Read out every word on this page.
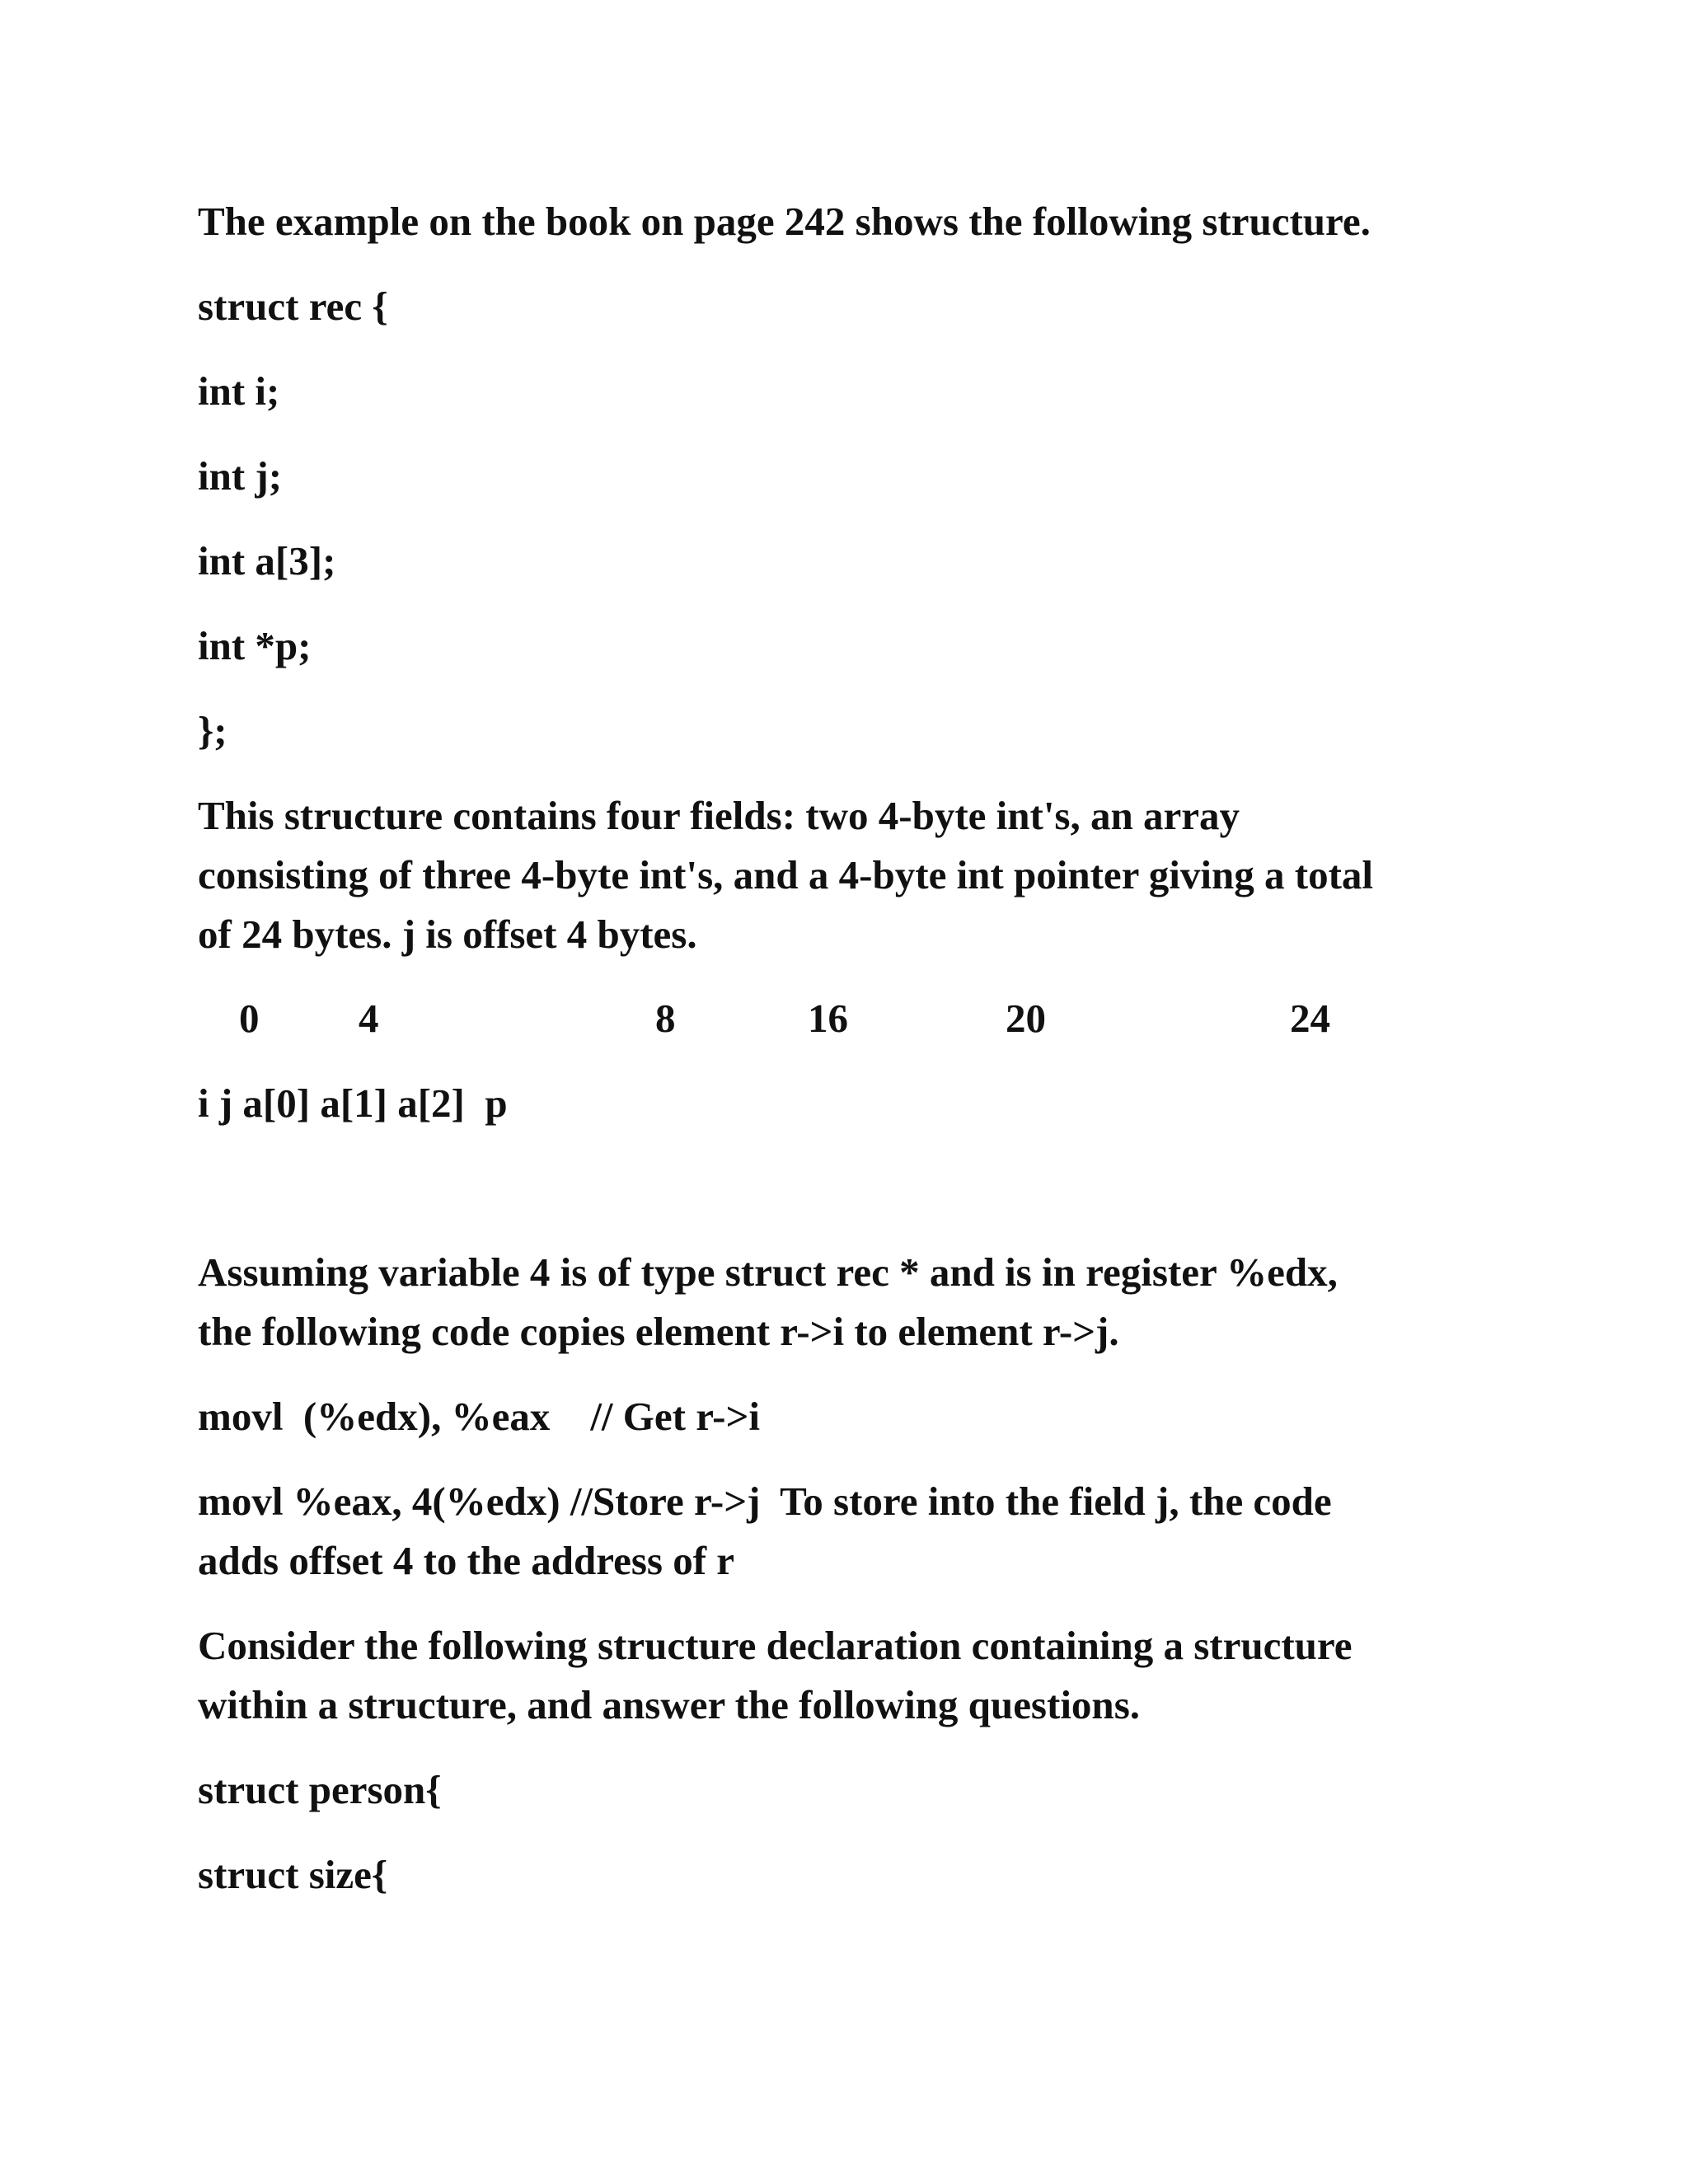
The example on the book on page 242 shows the following structure.

struct rec {

int i;

int j;

int a[3];

int *p;

};

This structure contains four fields: two 4-byte int's, an array

consisting of three 4-byte int's, and a 4-byte int pointer giving a total

of 24 bytes. j is offset 4 bytes.

0 4	8	16	20	24

i j a[0] a[1] a[2]  p

Assuming variable 4 is of type struct rec * and is in register %edx,

the following code copies element r->i to element r->j.

movl  (%edx), %eax    // Get r->i

movl %eax, 4(%edx) //Store r->j  To store into the field j, the code

adds offset 4 to the address of r

Consider the following structure declaration containing a structure

within a structure, and answer the following questions.

struct person{

struct size{
